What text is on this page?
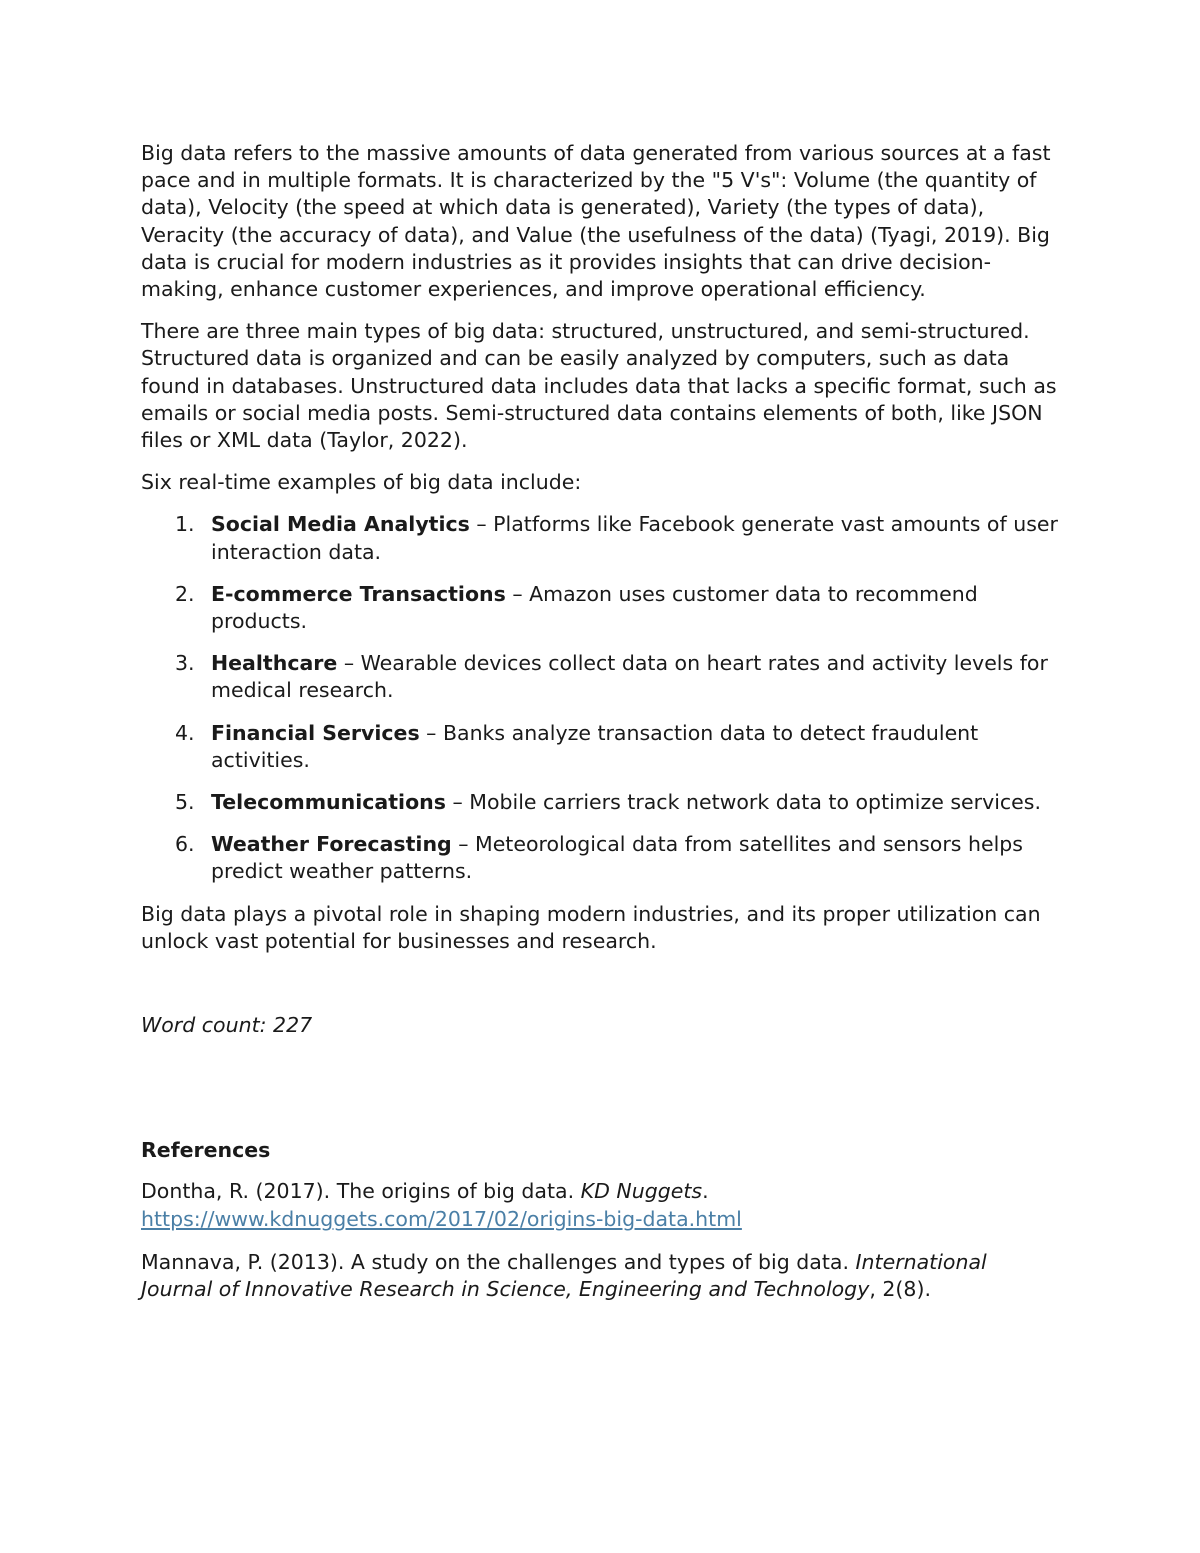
Big data refers to the massive amounts of data generated from various sources at a fast pace and in multiple formats. It is characterized by the "5 V's": Volume (the quantity of data), Velocity (the speed at which data is generated), Variety (the types of data), Veracity (the accuracy of data), and Value (the usefulness of the data) (Tyagi, 2019). Big data is crucial for modern industries as it provides insights that can drive decision-making, enhance customer experiences, and improve operational efficiency.

There are three main types of big data: structured, unstructured, and semi-structured. Structured data is organized and can be easily analyzed by computers, such as data found in databases. Unstructured data includes data that lacks a specific format, such as emails or social media posts. Semi-structured data contains elements of both, like JSON files or XML data (Taylor, 2022).

Six real-time examples of big data include:

1. Social Media Analytics – Platforms like Facebook generate vast amounts of user interaction data.
2. E-commerce Transactions – Amazon uses customer data to recommend products.
3. Healthcare – Wearable devices collect data on heart rates and activity levels for medical research.
4. Financial Services – Banks analyze transaction data to detect fraudulent activities.
5. Telecommunications – Mobile carriers track network data to optimize services.
6. Weather Forecasting – Meteorological data from satellites and sensors helps predict weather patterns.

Big data plays a pivotal role in shaping modern industries, and its proper utilization can unlock vast potential for businesses and research.

Word count: 227

References

Dontha, R. (2017). The origins of big data. KD Nuggets.
https://www.kdnuggets.com/2017/02/origins-big-data.html

Mannava, P. (2013). A study on the challenges and types of big data. International Journal of Innovative Research in Science, Engineering and Technology, 2(8).
